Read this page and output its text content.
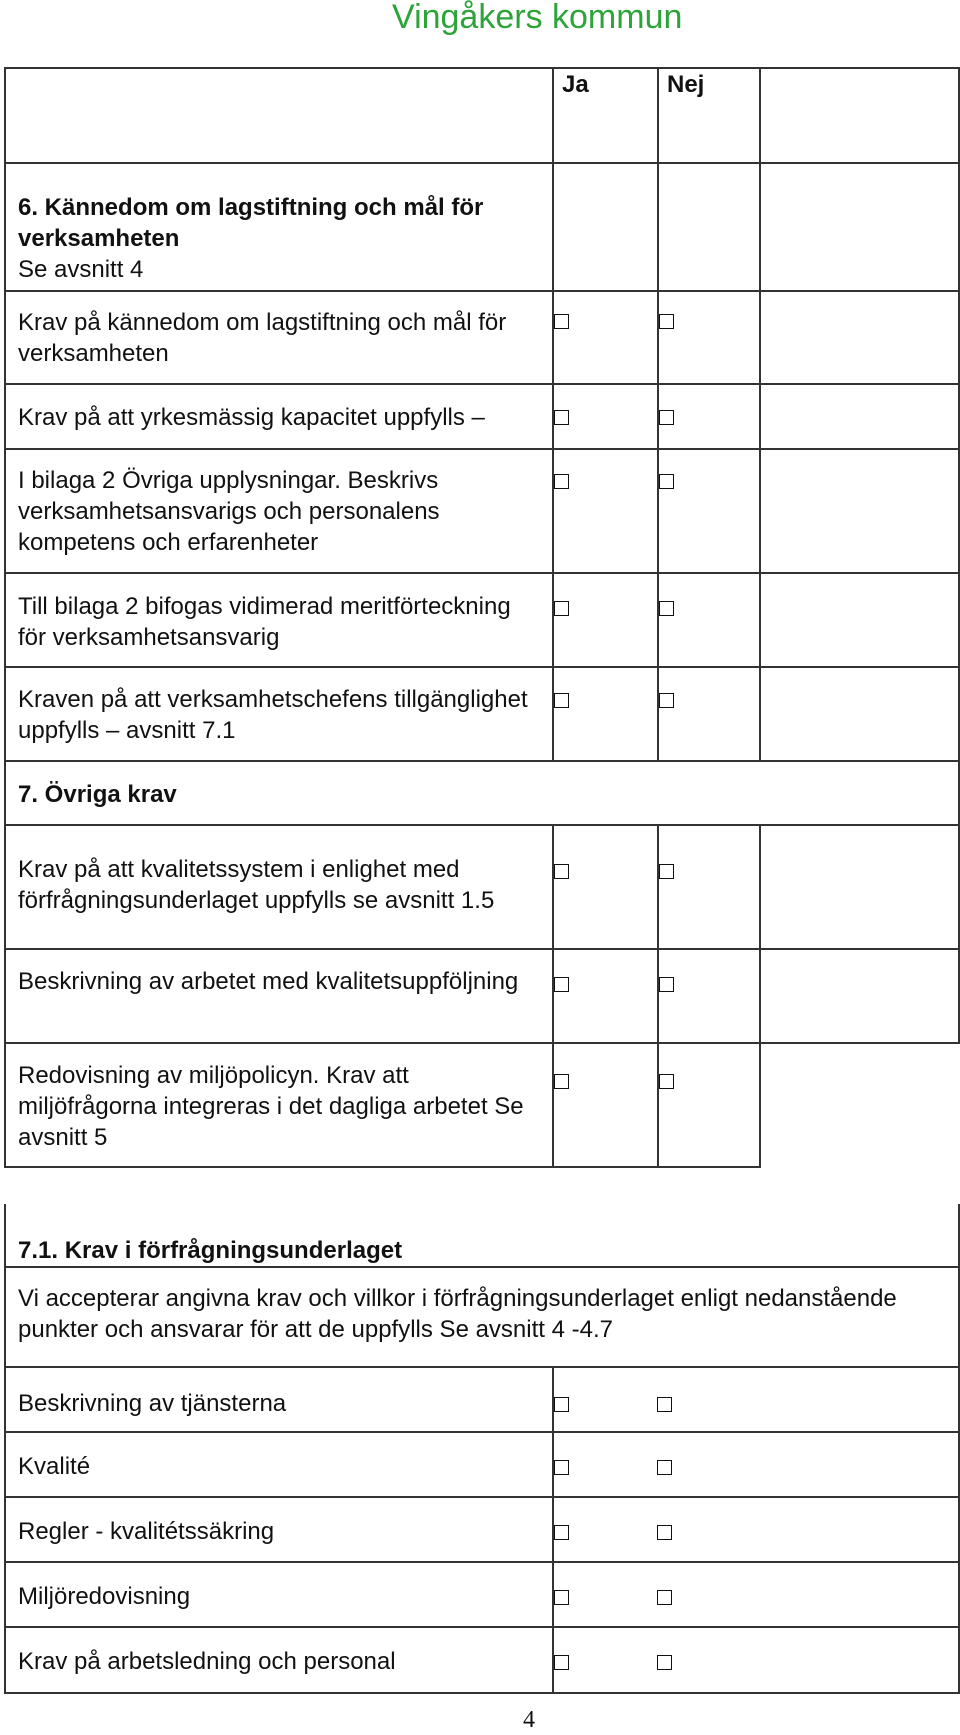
Vingåkers kommun
	Ja	Nej	

6. Kännedom om lagstiftning och mål för verksamheten
Se avsnitt 4			

Krav på kännedom om lagstiftning och mål för verksamheten			

Krav på att yrkesmässig kapacitet uppfylls –			

I bilaga 2 Övriga upplysningar. Beskrivs verksamhetsansvarigs och personalens kompetens och erfarenheter			

Till bilaga 2 bifogas vidimerad meritförteckning för verksamhetsansvarig			

Kraven på att verksamhetschefens tillgänglighet uppfylls – avsnitt 7.1			

7. Övriga krav			

Krav på att kvalitetssystem i enlighet med förfrågningsunderlaget uppfylls se avsnitt 1.5			

Beskrivning av arbetet med kvalitetsuppföljning			

Redovisning av miljöpolicyn. Krav att miljöfrågorna integreras i det dagliga arbetet Se avsnitt 5			

7.1. Krav i förfrågningsunderlaget	

Vi accepterar angivna krav och villkor i förfrågningsunderlaget enligt nedanstående punkter och ansvarar för att de uppfylls Se avsnitt 4 -4.7	

Beskrivning av tjänsterna	

Kvalité	

Regler - kvalitétssäkring	

Miljöredovisning	

Krav på arbetsledning och personal	

4
